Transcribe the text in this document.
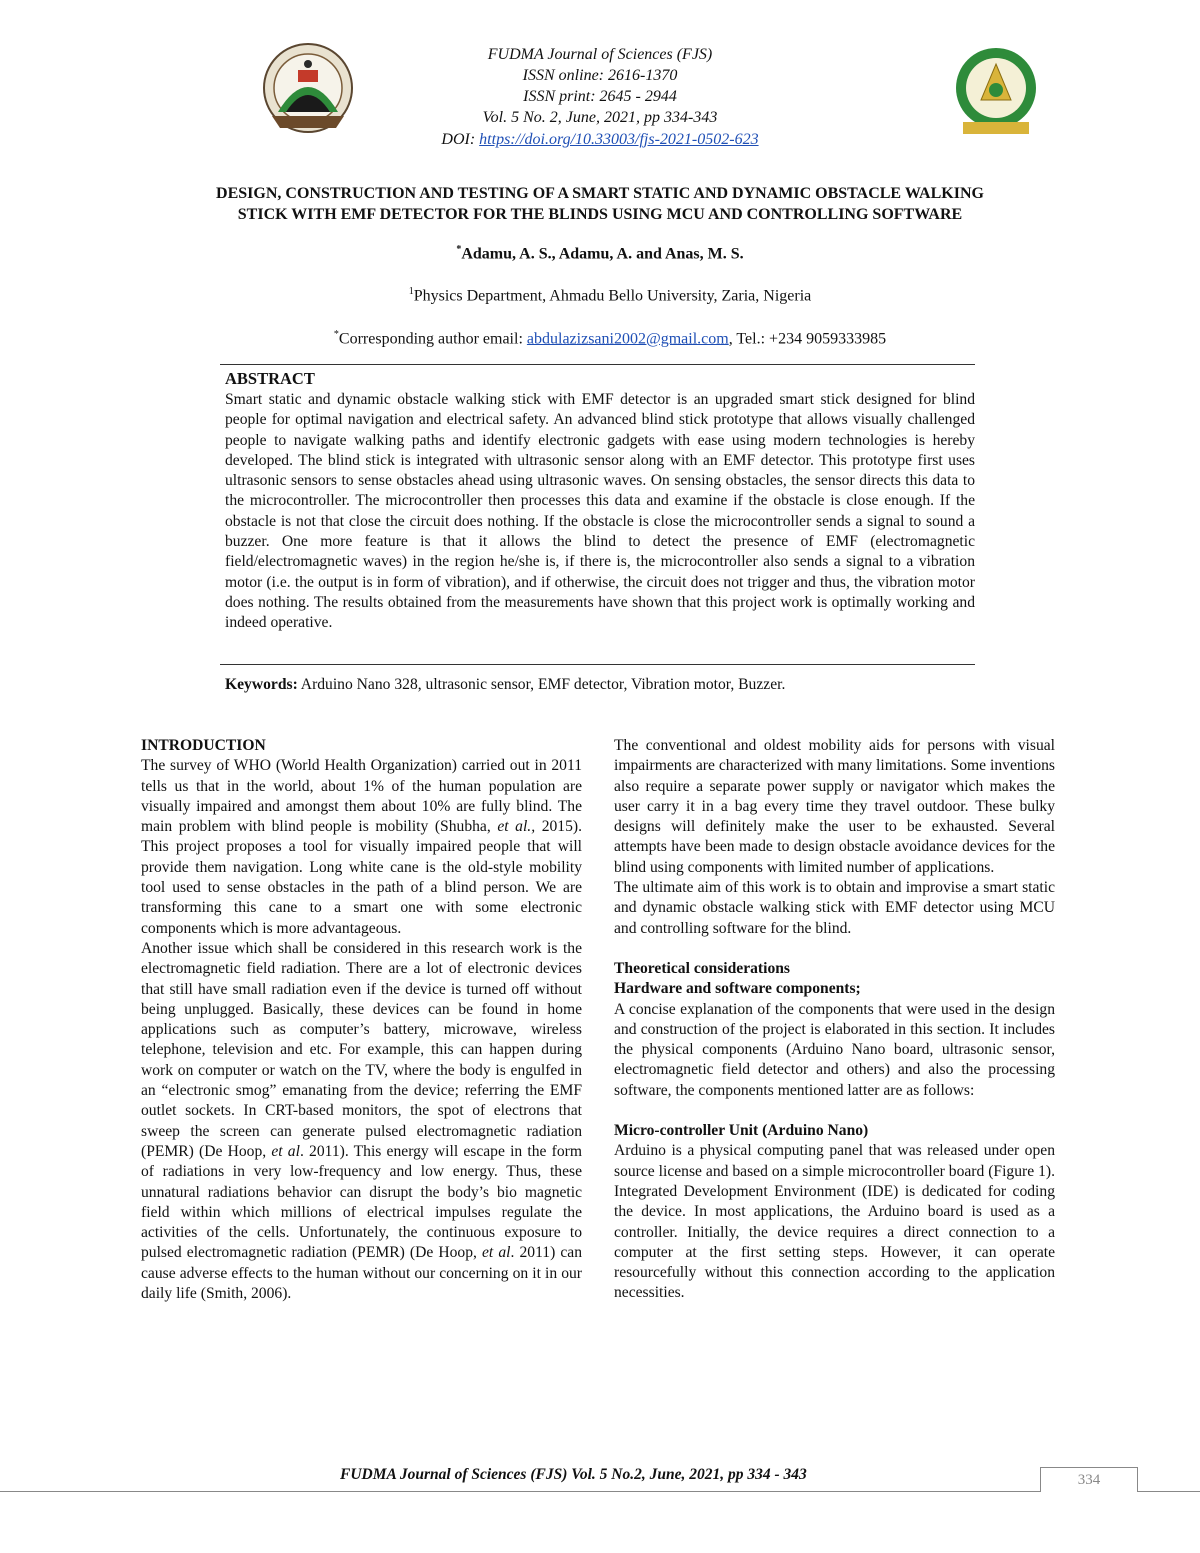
FUDMA Journal of Sciences (FJS)
ISSN online: 2616-1370
ISSN print: 2645 - 2944
Vol. 5 No. 2, June, 2021, pp 334-343
DOI: https://doi.org/10.33003/fjs-2021-0502-623
DESIGN, CONSTRUCTION AND TESTING OF A SMART STATIC AND DYNAMIC OBSTACLE WALKING
STICK WITH EMF DETECTOR FOR THE BLINDS USING MCU AND CONTROLLING SOFTWARE
*Adamu, A. S., Adamu, A. and Anas, M. S.
$^1$Physics Department, Ahmadu Bello University, Zaria, Nigeria
*Corresponding author email: abdulazizsani2002@gmail.com, Tel.: +234 9059333985
ABSTRACT
Smart static and dynamic obstacle walking stick with EMF detector is an upgraded smart stick designed for blind people for optimal navigation and electrical safety. An advanced blind stick prototype that allows visually challenged people to navigate walking paths and identify electronic gadgets with ease using modern technologies is hereby developed. The blind stick is integrated with ultrasonic sensor along with an EMF detector. This prototype first uses ultrasonic sensors to sense obstacles ahead using ultrasonic waves. On sensing obstacles, the sensor directs this data to the microcontroller. The microcontroller then processes this data and examine if the obstacle is close enough. If the obstacle is not that close the circuit does nothing. If the obstacle is close the microcontroller sends a signal to sound a buzzer. One more feature is that it allows the blind to detect the presence of EMF (electromagnetic field/electromagnetic waves) in the region he/she is, if there is, the microcontroller also sends a signal to a vibration motor (i.e. the output is in form of vibration), and if otherwise, the circuit does not trigger and thus, the vibration motor does nothing. The results obtained from the measurements have shown that this project work is optimally working and indeed operative.
Keywords: Arduino Nano 328, ultrasonic sensor, EMF detector, Vibration motor, Buzzer.

INTRODUCTION

The survey of WHO (World Health Organization) carried out in 2011 tells us that in the world, about 1% of the human population are visually impaired and amongst them about 10% are fully blind. The main problem with blind people is mobility (Shubha, et al., 2015). This project proposes a tool for visually impaired people that will provide them navigation. Long white cane is the old-style mobility tool used to sense obstacles in the path of a blind person. We are transforming this cane to a smart one with some electronic components which is more advantageous.

Another issue which shall be considered in this research work is the electromagnetic field radiation. There are a lot of electronic devices that still have small radiation even if the device is turned off without being unplugged. Basically, these devices can be found in home applications such as computer’s battery, microwave, wireless telephone, television and etc. For example, this can happen during work on computer or watch on the TV, where the body is engulfed in an “electronic smog” emanating from the device; referring the EMF outlet sockets. In CRT-based monitors, the spot of electrons that sweep the screen can generate pulsed electromagnetic radiation (PEMR) (De Hoop, et al. 2011). This energy will escape in the form of radiations in very low-frequency and low energy. Thus, these unnatural radiations behavior can disrupt the body’s bio magnetic field within which millions of electrical impulses regulate the activities of the cells. Unfortunately, the continuous exposure to pulsed electromagnetic radiation (PEMR) (De Hoop, et al. 2011) can cause adverse effects to the human without our concerning on it in our daily life (Smith, 2006).

The conventional and oldest mobility aids for persons with visual impairments are characterized with many limitations. Some inventions also require a separate power supply or navigator which makes the user carry it in a bag every time they travel outdoor. These bulky designs will definitely make the user to be exhausted. Several attempts have been made to design obstacle avoidance devices for the blind using components with limited number of applications.

The ultimate aim of this work is to obtain and improvise a smart static and dynamic obstacle walking stick with EMF detector using MCU and controlling software for the blind.

Theoretical considerations

Hardware and software components;

A concise explanation of the components that were used in the design and construction of the project is elaborated in this section. It includes the physical components (Arduino Nano board, ultrasonic sensor, electromagnetic field detector and others) and also the processing software, the components mentioned latter are as follows:

Micro-controller Unit (Arduino Nano)

Arduino is a physical computing panel that was released under open source license and based on a simple microcontroller board (Figure 1). Integrated Development Environment (IDE) is dedicated for coding the device. In most applications, the Arduino board is used as a controller. Initially, the device requires a direct connection to a computer at the first setting steps. However, it can operate resourcefully without this connection according to the application necessities.

FUDMA Journal of Sciences (FJS) Vol. 5 No.2, June, 2021, pp 334 - 343	334
